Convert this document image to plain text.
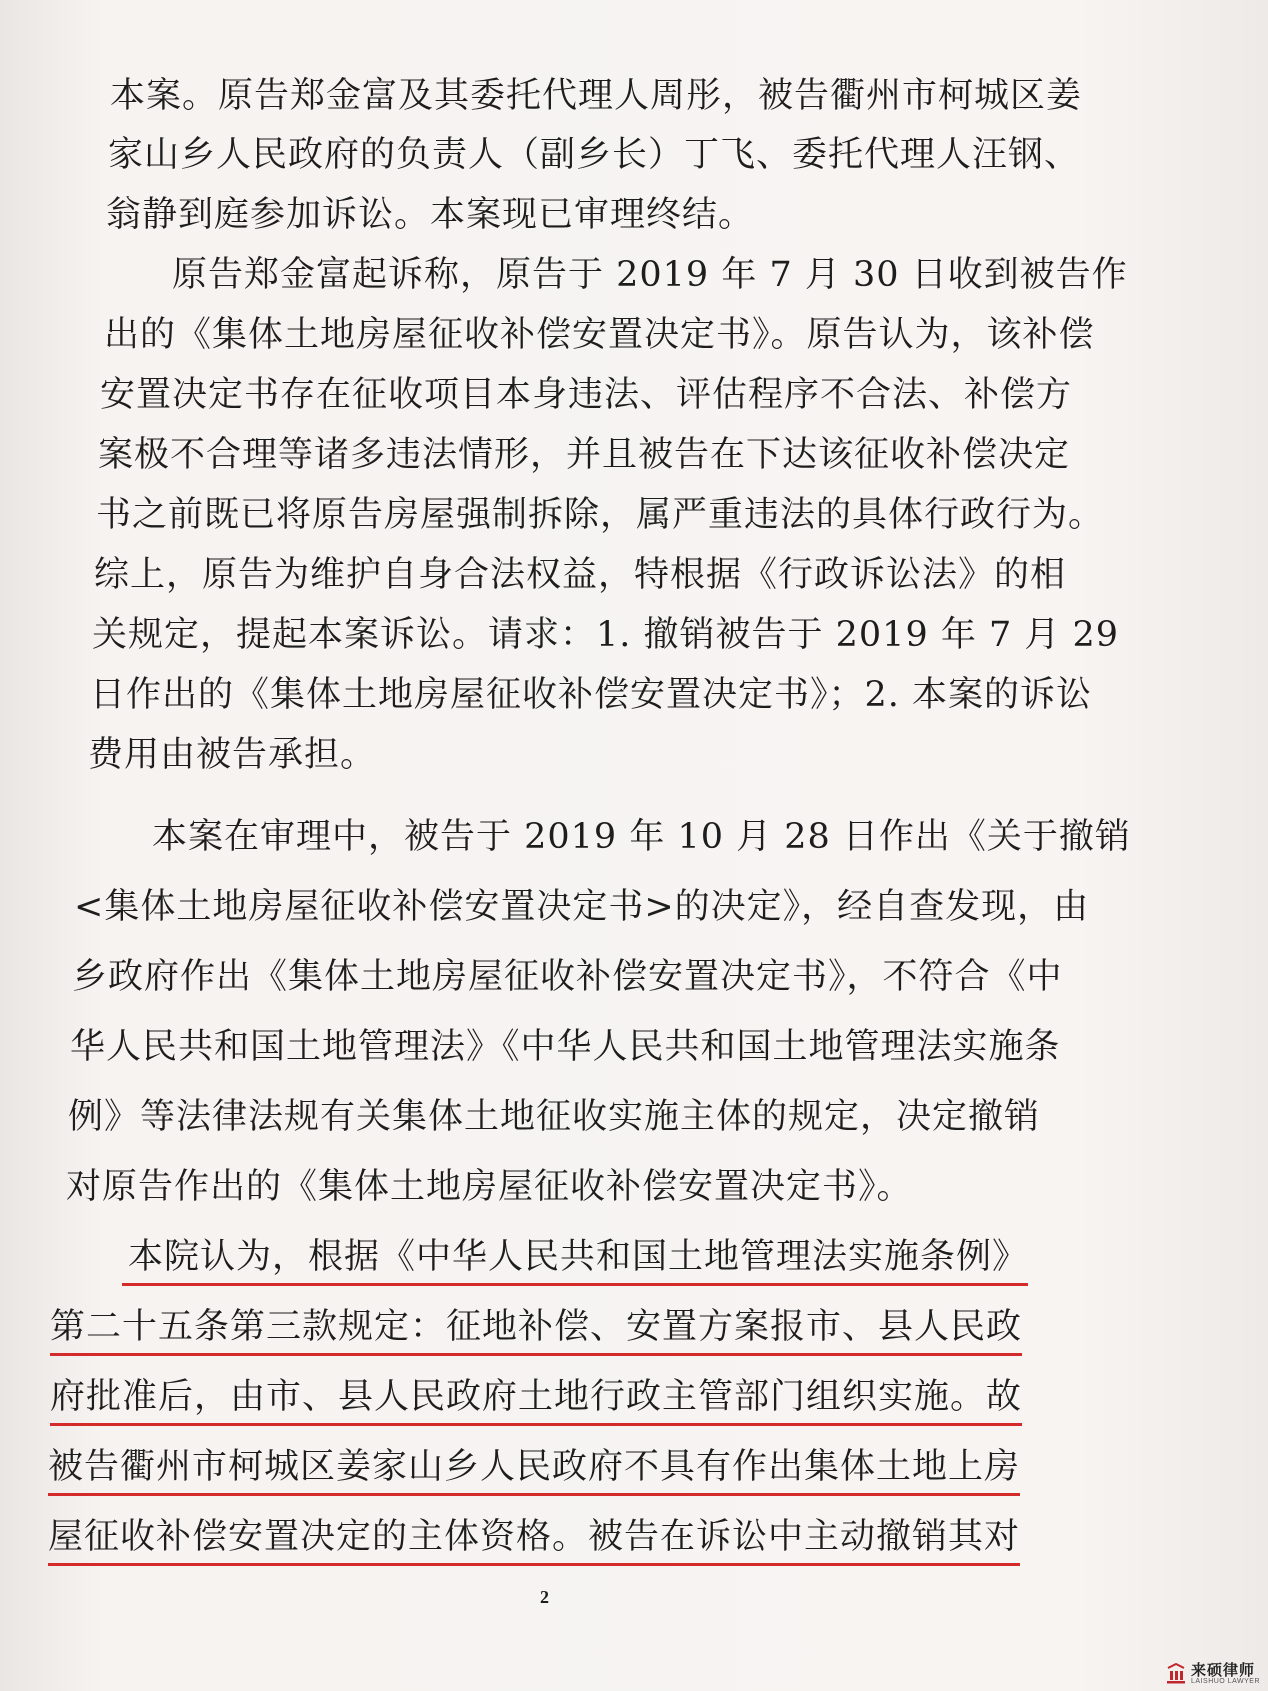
本案。原告郑金富及其委托代理人周彤，被告衢州市柯城区姜
家山乡人民政府的负责人（副乡长）丁飞、委托代理人汪钢、
翁静到庭参加诉讼。本案现已审理终结。
原告郑金富起诉称，原告于 2019 年 7 月 30 日收到被告作
出的《集体土地房屋征收补偿安置决定书》。原告认为，该补偿
安置决定书存在征收项目本身违法、评估程序不合法、补偿方
案极不合理等诸多违法情形，并且被告在下达该征收补偿决定
书之前既已将原告房屋强制拆除，属严重违法的具体行政行为。
综上，原告为维护自身合法权益，特根据《行政诉讼法》的相
关规定，提起本案诉讼。请求：1. 撤销被告于 2019 年 7 月 29
日作出的《集体土地房屋征收补偿安置决定书》；2. 本案的诉讼
费用由被告承担。
本案在审理中，被告于 2019 年 10 月 28 日作出《关于撤销
<集体土地房屋征收补偿安置决定书>的决定》，经自查发现，由
乡政府作出《集体土地房屋征收补偿安置决定书》，不符合《中
华人民共和国土地管理法》《中华人民共和国土地管理法实施条
例》等法律法规有关集体土地征收实施主体的规定，决定撤销
对原告作出的《集体土地房屋征收补偿安置决定书》。
本院认为，根据《中华人民共和国土地管理法实施条例》
第二十五条第三款规定：征地补偿、安置方案报市、县人民政
府批准后，由市、县人民政府土地行政主管部门组织实施。故
被告衢州市柯城区姜家山乡人民政府不具有作出集体土地上房
屋征收补偿安置决定的主体资格。被告在诉讼中主动撤销其对
2
来硕律师
LAISHUO LAWYER
